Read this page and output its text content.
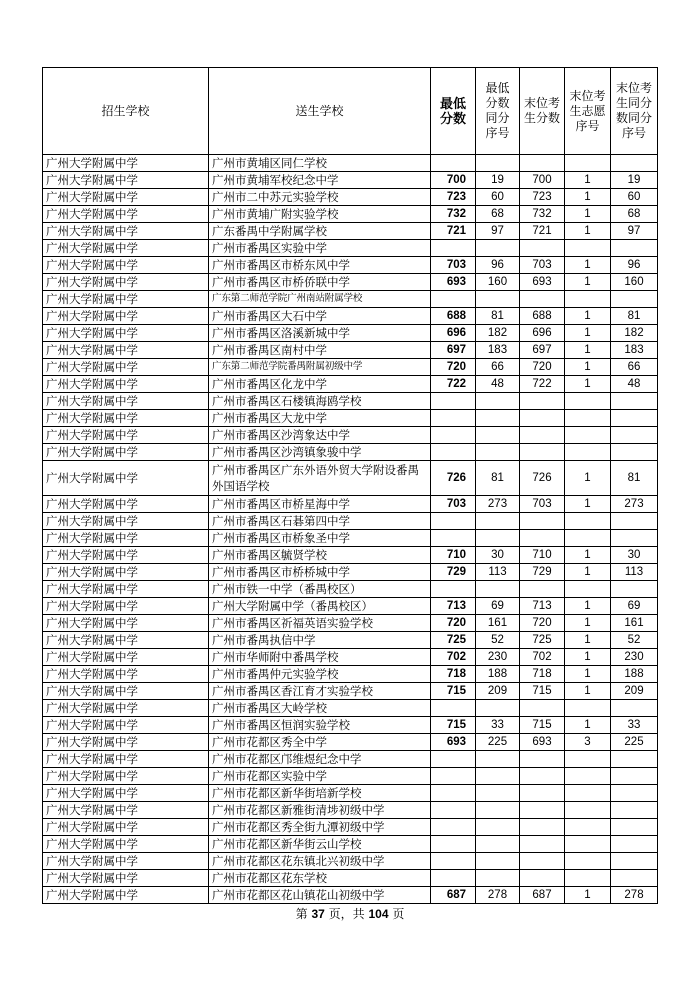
招生学校	送生学校	最低分数	最低分数同分序号	末位考生分数	末位考生志愿序号	末位考生同分数同分序号
广州大学附属中学	广州市黄埔区同仁学校					
广州大学附属中学	广州市黄埔军校纪念中学	700	19	700	1	19
广州大学附属中学	广州市二中苏元实验学校	723	60	723	1	60
广州大学附属中学	广州市黄埔广附实验学校	732	68	732	1	68
广州大学附属中学	广东番禺中学附属学校	721	97	721	1	97
广州大学附属中学	广州市番禺区实验中学					
广州大学附属中学	广州市番禺区市桥东风中学	703	96	703	1	96
广州大学附属中学	广州市番禺区市桥侨联中学	693	160	693	1	160
广州大学附属中学	广东第二师范学院广州南站附属学校					
广州大学附属中学	广州市番禺区大石中学	688	81	688	1	81
广州大学附属中学	广州市番禺区洛溪新城中学	696	182	696	1	182
广州大学附属中学	广州市番禺区南村中学	697	183	697	1	183
广州大学附属中学	广东第二师范学院番禺附属初级中学	720	66	720	1	66
广州大学附属中学	广州市番禺区化龙中学	722	48	722	1	48
广州大学附属中学	广州市番禺区石楼镇海鸥学校					
广州大学附属中学	广州市番禺区大龙中学					
广州大学附属中学	广州市番禺区沙湾象达中学					
广州大学附属中学	广州市番禺区沙湾镇象骏中学					
广州大学附属中学	广州市番禺区广东外语外贸大学附设番禺外国语学校	726	81	726	1	81
广州大学附属中学	广州市番禺区市桥星海中学	703	273	703	1	273
广州大学附属中学	广州市番禺区石碁第四中学					
广州大学附属中学	广州市番禺区市桥象圣中学					
广州大学附属中学	广州市番禺区毓贤学校	710	30	710	1	30
广州大学附属中学	广州市番禺区市桥桥城中学	729	113	729	1	113
广州大学附属中学	广州市铁一中学（番禺校区）					
广州大学附属中学	广州大学附属中学（番禺校区）	713	69	713	1	69
广州大学附属中学	广州市番禺区祈福英语实验学校	720	161	720	1	161
广州大学附属中学	广州市番禺执信中学	725	52	725	1	52
广州大学附属中学	广州市华师附中番禺学校	702	230	702	1	230
广州大学附属中学	广州市番禺仲元实验学校	718	188	718	1	188
广州大学附属中学	广州市番禺区香江育才实验学校	715	209	715	1	209
广州大学附属中学	广州市番禺区大岭学校					
广州大学附属中学	广州市番禺区恒润实验学校	715	33	715	1	33
广州大学附属中学	广州市花都区秀全中学	693	225	693	3	225
广州大学附属中学	广州市花都区邝维煜纪念中学					
广州大学附属中学	广州市花都区实验中学					
广州大学附属中学	广州市花都区新华街培新学校					
广州大学附属中学	广州市花都区新雅街清埗初级中学					
广州大学附属中学	广州市花都区秀全街九潭初级中学					
广州大学附属中学	广州市花都区新华街云山学校					
广州大学附属中学	广州市花都区花东镇北兴初级中学					
广州大学附属中学	广州市花都区花东学校					
广州大学附属中学	广州市花都区花山镇花山初级中学	687	278	687	1	278
第 37 页，共 104 页
